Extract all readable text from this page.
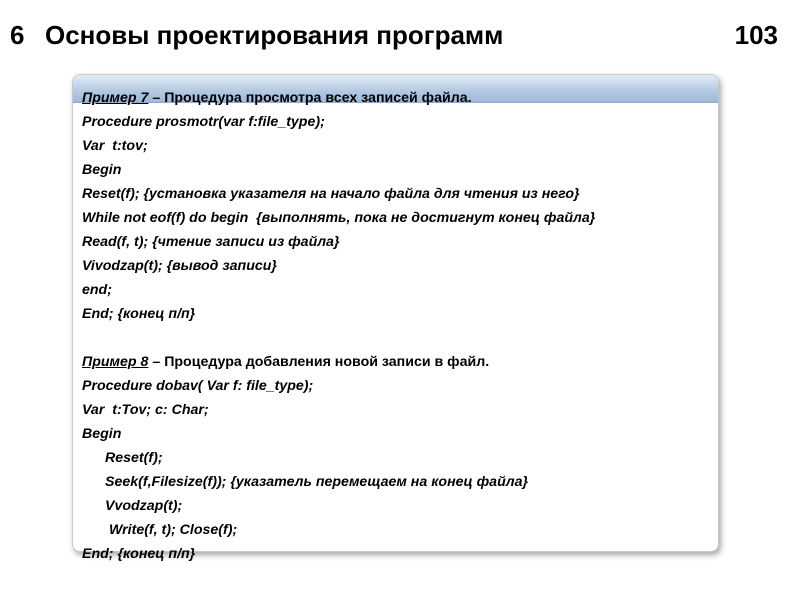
6 Основы проектирования программ	103
Пример 7 – Процедура просмотра всех записей файла.
Procedure prosmotr(var f:file_type);
Var  t:tov;
Begin
Reset(f); {установка указателя на начало файла для чтения из него}
While not eof(f) do begin  {выполнять, пока не достигнут конец файла}
Read(f, t); {чтение записи из файла}
Vivodzap(t); {вывод записи}
end;
End; {конец п/п}
Пример 8 – Процедура добавления новой записи в файл.
Procedure dobav( Var f: file_type);
Var  t:Tov; c: Char;
Begin
Reset(f);
Seek(f,Filesize(f)); {указатель перемещаем на конец файла}
Vvodzap(t);
Write(f, t); Close(f);
End; {конец п/п}
